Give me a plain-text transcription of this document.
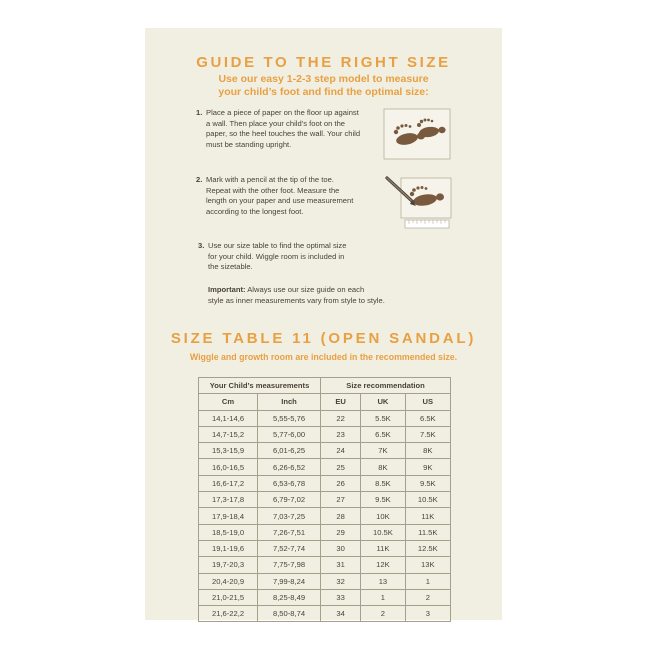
GUIDE TO THE RIGHT SIZE
Use our easy 1-2-3 step model to measure
your child’s foot and find the optimal size:
1. Place a piece of paper on the floor up against
a wall. Then place your child’s foot on the
paper, so the heel touches the wall. Your child
must be standing upright.
2. Mark with a pencil at the tip of the toe.
Repeat with the other foot. Measure the
length on your paper and use measurement
according to the longest foot.
3. Use our size table to find the optimal size
for your child. Wiggle room is included in
the sizetable.
Important: Always use our size guide on each
style as inner measurements vary from style to style.
SIZE TABLE 11 (OPEN SANDAL)
Wiggle and growth room are included in the recommended size.
Your Child’s measurements		Size recommendation		
Cm	Inch	EU	UK	US
14,1-14,6	5,55-5,76	22	5.5K	6.5K
14,7-15,2	5,77-6,00	23	6.5K	7.5K
15,3-15,9	6,01-6,25	24	7K	8K
16,0-16,5	6,26-6,52	25	8K	9K
16,6-17,2	6,53-6,78	26	8.5K	9.5K
17,3-17,8	6,79-7,02	27	9.5K	10.5K
17,9-18,4	7,03-7,25	28	10K	11K
18,5-19,0	7,26-7,51	29	10.5K	11.5K
19,1-19,6	7,52-7,74	30	11K	12.5K
19,7-20,3	7,75-7,98	31	12K	13K
20,4-20,9	7,99-8,24	32	13	1
21,0-21,5	8,25-8,49	33	1	2
21,6-22,2	8,50-8,74	34	2	3
